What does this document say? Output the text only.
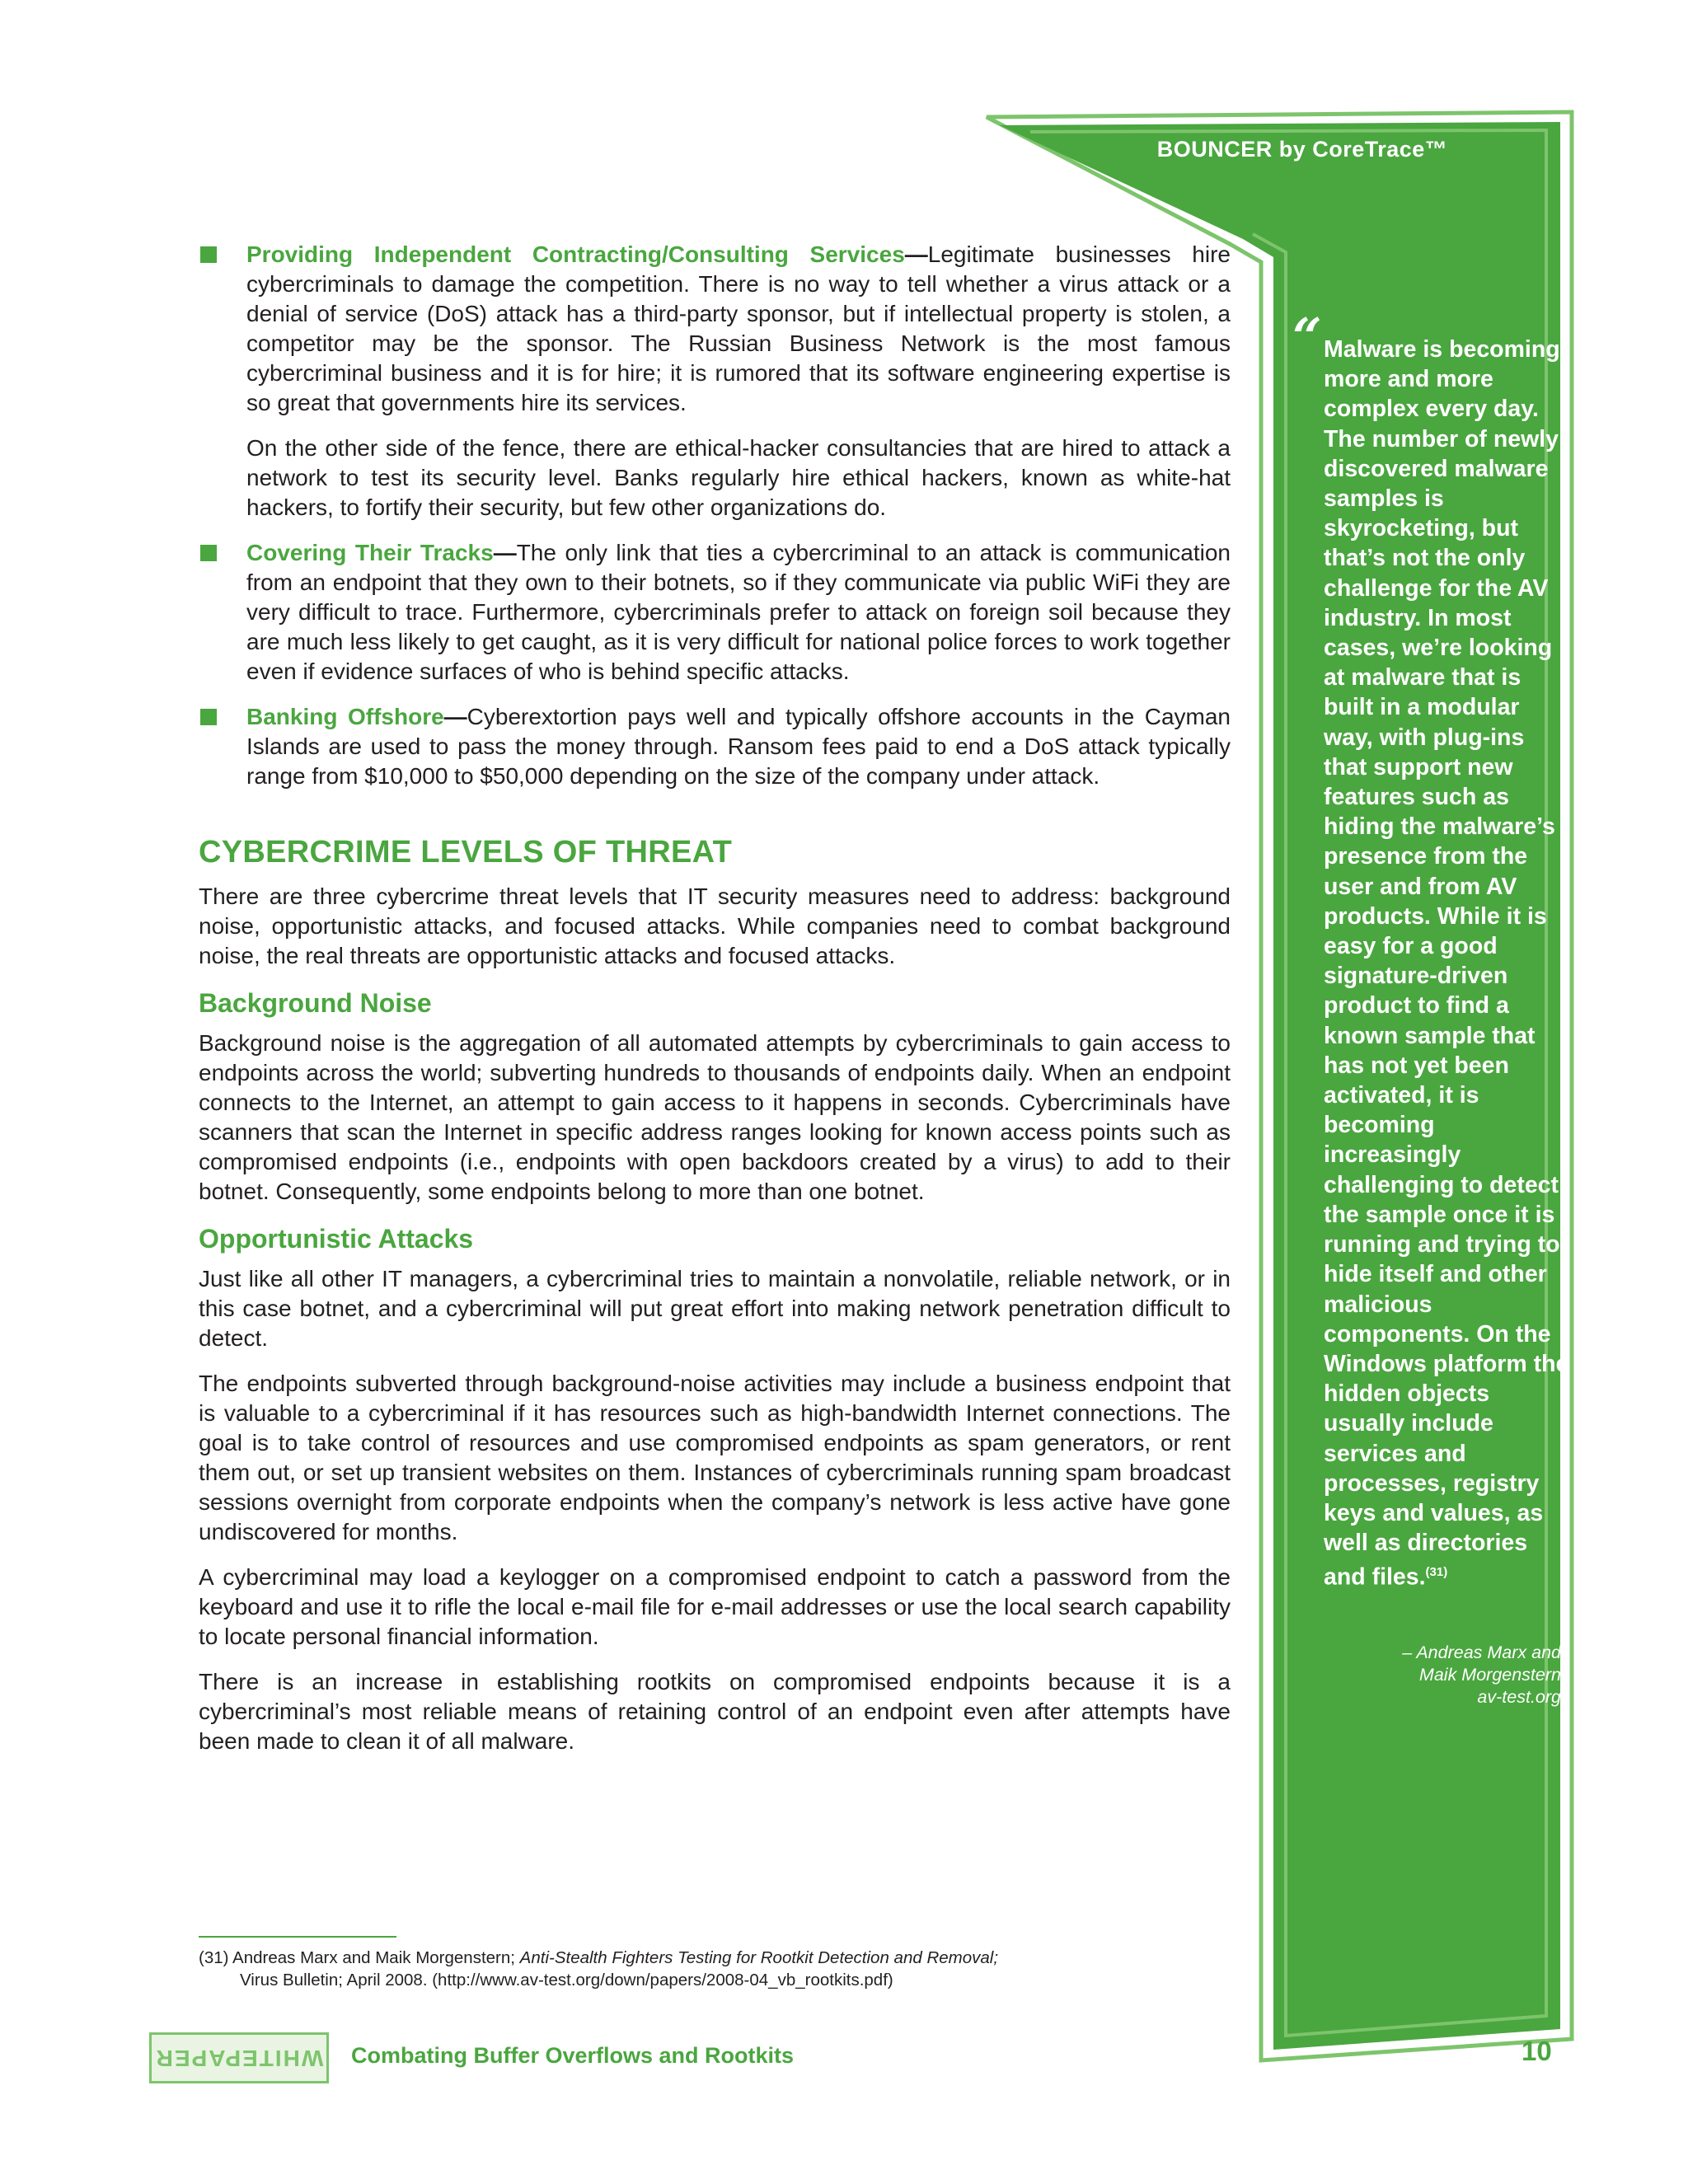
BOUNCER by CoreTrace™

Providing Independent Contracting/Consulting Services—Legitimate businesses hire cybercriminals to damage the competition. There is no way to tell whether a virus attack or a denial of service (DoS) attack has a third-party sponsor, but if intellectual property is stolen, a competitor may be the sponsor. The Russian Business Network is the most famous cybercriminal business and it is for hire; it is rumored that its software engineering expertise is so great that governments hire its services.

On the other side of the fence, there are ethical-hacker consultancies that are hired to attack a network to test its security level. Banks regularly hire ethical hackers, known as white-hat hackers, to fortify their security, but few other organizations do.

Covering Their Tracks—The only link that ties a cybercriminal to an attack is communication from an endpoint that they own to their botnets, so if they communicate via public WiFi they are very difficult to trace. Furthermore, cybercriminals prefer to attack on foreign soil because they are much less likely to get caught, as it is very difficult for national police forces to work together even if evidence surfaces of who is behind specific attacks.

Banking Offshore—Cyberextortion pays well and typically offshore accounts in the Cayman Islands are used to pass the money through. Ransom fees paid to end a DoS attack typically range from $10,000 to $50,000 depending on the size of the company under attack.

CYBERCRIME LEVELS OF THREAT

There are three cybercrime threat levels that IT security measures need to address: background noise, opportunistic attacks, and focused attacks. While companies need to combat background noise, the real threats are opportunistic attacks and focused attacks.

Background Noise

Background noise is the aggregation of all automated attempts by cybercriminals to gain access to endpoints across the world; subverting hundreds to thousands of endpoints daily. When an endpoint connects to the Internet, an attempt to gain access to it happens in seconds. Cybercriminals have scanners that scan the Internet in specific address ranges looking for known access points such as compromised endpoints (i.e., endpoints with open backdoors created by a virus) to add to their botnet. Consequently, some endpoints belong to more than one botnet.

Opportunistic Attacks

Just like all other IT managers, a cybercriminal tries to maintain a nonvolatile, reliable network, or in this case botnet, and a cybercriminal will put great effort into making network penetration difficult to detect.

The endpoints subverted through background-noise activities may include a business endpoint that is valuable to a cybercriminal if it has resources such as high-bandwidth Internet connections. The goal is to take control of resources and use compromised endpoints as spam generators, or rent them out, or set up transient websites on them. Instances of cybercriminals running spam broadcast sessions overnight from corporate endpoints when the company’s network is less active have gone undiscovered for months.

A cybercriminal may load a keylogger on a compromised endpoint to catch a password from the keyboard and use it to rifle the local e-mail file for e-mail addresses or use the local search capability to locate personal financial information.

There is an increase in establishing rootkits on compromised endpoints because it is a cybercriminal’s most reliable means of retaining control of an endpoint even after attempts have been made to clean it of all malware.

“ Malware is becoming more and more complex every day. The number of newly discovered malware samples is skyrocketing, but that’s not the only challenge for the AV industry. In most cases, we’re looking at malware that is built in a modular way, with plug-ins that support new features such as hiding the malware’s presence from the user and from AV products. While it is easy for a good signature-driven product to find a known sample that has not yet been activated, it is becoming increasingly challenging to detect the sample once it is running and trying to hide itself and other malicious components. On the Windows platform the hidden objects usually include services and processes, registry keys and values, as well as directories and files.$^{(31)}$
– Andreas Marx and
Maik Morgenstern
av-test.org
(31) Andreas Marx and Maik Morgenstern; Anti-Stealth Fighters Testing for Rootkit Detection and Removal;
Virus Bulletin; April 2008. (http://www.av-test.org/down/papers/2008-04_vb_rootkits.pdf)
WHITEPAPER Combating Buffer Overflows and Rootkits	10
